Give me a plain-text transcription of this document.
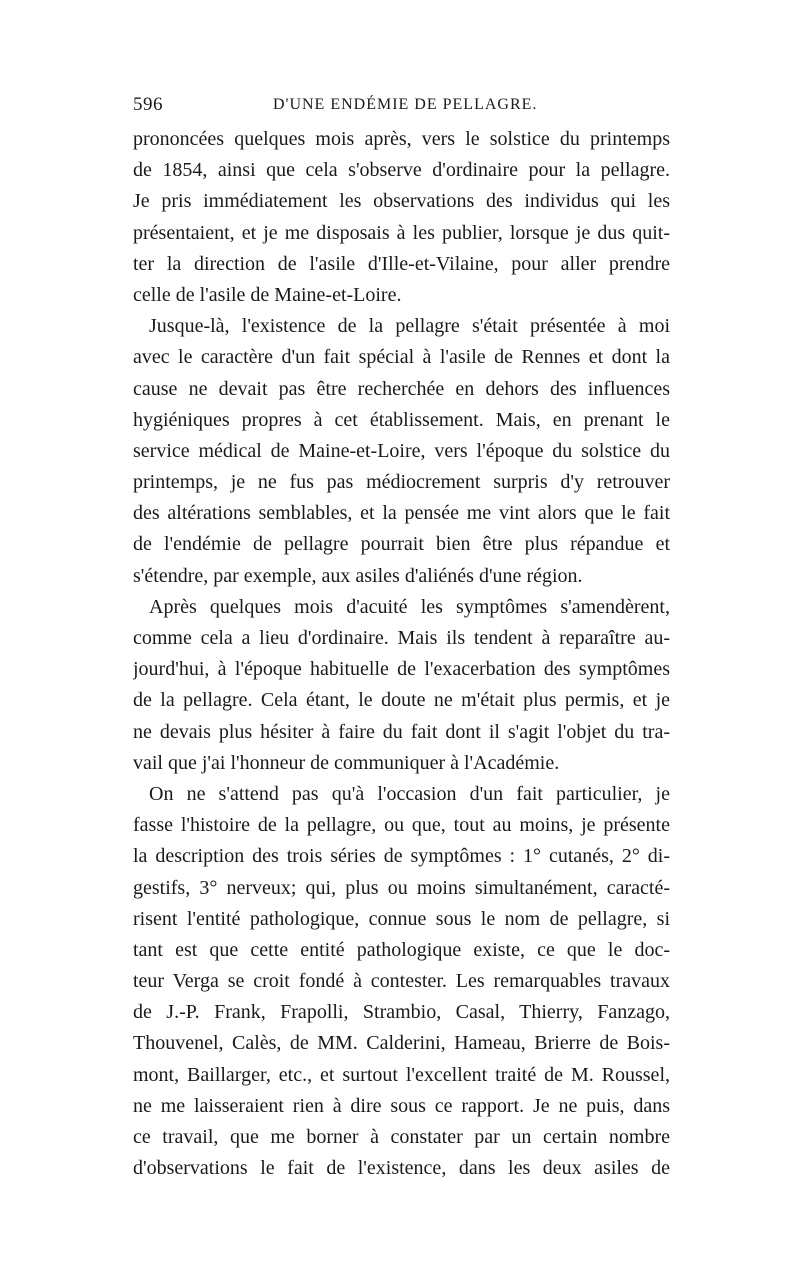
596	D'UNE ENDÉMIE DE PELLAGRE.
prononcées quelques mois après, vers le solstice du printemps
de 1854, ainsi que cela s'observe d'ordinaire pour la pellagre.
Je pris immédiatement les observations des individus qui les
présentaient, et je me disposais à les publier, lorsque je dus quit-
ter la direction de l'asile d'Ille-et-Vilaine, pour aller prendre
celle de l'asile de Maine-et-Loire.
Jusque-là, l'existence de la pellagre s'était présentée à moi
avec le caractère d'un fait spécial à l'asile de Rennes et dont la
cause ne devait pas être recherchée en dehors des influences
hygiéniques propres à cet établissement. Mais, en prenant le
service médical de Maine-et-Loire, vers l'époque du solstice du
printemps, je ne fus pas médiocrement surpris d'y retrouver
des altérations semblables, et la pensée me vint alors que le fait
de l'endémie de pellagre pourrait bien être plus répandue et
s'étendre, par exemple, aux asiles d'aliénés d'une région.
Après quelques mois d'acuité les symptômes s'amendèrent,
comme cela a lieu d'ordinaire. Mais ils tendent à reparaître au-
jourd'hui, à l'époque habituelle de l'exacerbation des symptômes
de la pellagre. Cela étant, le doute ne m'était plus permis, et je
ne devais plus hésiter à faire du fait dont il s'agit l'objet du tra-
vail que j'ai l'honneur de communiquer à l'Académie.
On ne s'attend pas qu'à l'occasion d'un fait particulier, je
fasse l'histoire de la pellagre, ou que, tout au moins, je présente
la description des trois séries de symptômes : 1° cutanés, 2° di-
gestifs, 3° nerveux; qui, plus ou moins simultanément, caracté-
risent l'entité pathologique, connue sous le nom de pellagre, si
tant est que cette entité pathologique existe, ce que le doc-
teur Verga se croit fondé à contester. Les remarquables travaux
de J.-P. Frank, Frapolli, Strambio, Casal, Thierry, Fanzago,
Thouvenel, Calès, de MM. Calderini, Hameau, Brierre de Bois-
mont, Baillarger, etc., et surtout l'excellent traité de M. Roussel,
ne me laisseraient rien à dire sous ce rapport. Je ne puis, dans
ce travail, que me borner à constater par un certain nombre
d'observations le fait de l'existence, dans les deux asiles de
